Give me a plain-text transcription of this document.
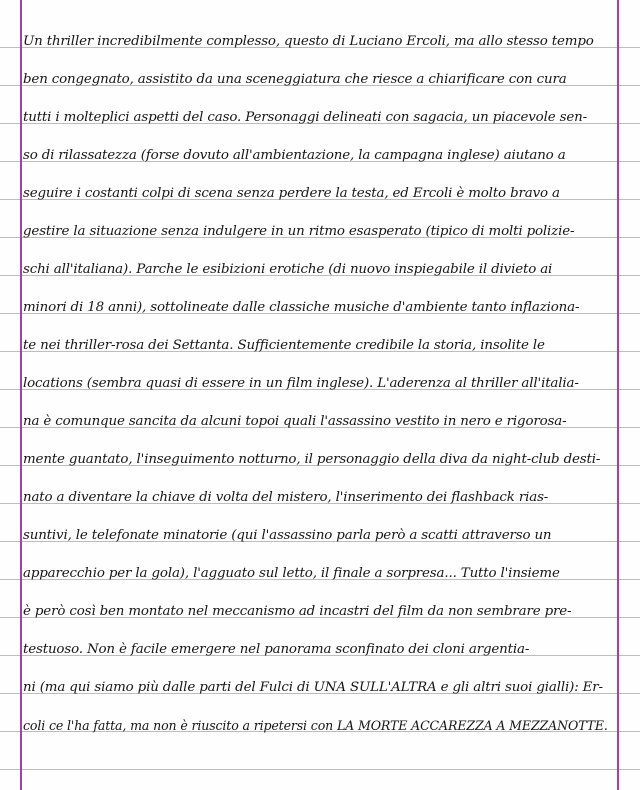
Un thriller incredibilmente complesso, questo di Luciano Ercoli, ma allo stesso tempo
ben congegnato, assistito da una sceneggiatura che riesce a chiarificare con cura
tutti i molteplici aspetti del caso. Personaggi delineati con sagacia, un piacevole sen-
so di rilassatezza (forse dovuto all'ambientazione, la campagna inglese) aiutano a
seguire i costanti colpi di scena senza perdere la testa, ed Ercoli è molto bravo a
gestire la situazione senza indulgere in un ritmo esasperato (tipico di molti polizie-
schi all'italiana). Parche le esibizioni erotiche (di nuovo inspiegabile il divieto ai
minori di 18 anni), sottolineate dalle classiche musiche d'ambiente tanto inflaziona-
te nei thriller-rosa dei Settanta. Sufficientemente credibile la storia, insolite le
locations (sembra quasi di essere in un film inglese). L'aderenza al thriller all'italia-
na è comunque sancita da alcuni topoi quali l'assassino vestito in nero e rigorosa-
mente guantato, l'inseguimento notturno, il personaggio della diva da night-club desti-
nato a diventare la chiave di volta del mistero, l'inserimento dei flashback rias-
suntivi, le telefonate minatorie (qui l'assassino parla però a scatti attraverso un
apparecchio per la gola), l'agguato sul letto, il finale a sorpresa... Tutto l'insieme
è però così ben montato nel meccanismo ad incastri del film da non sembrare pre-
testuoso. Non è facile emergere nel panorama sconfinato dei cloni argentia-
ni (ma qui siamo più dalle parti del Fulci di UNA SULL'ALTRA e gli altri suoi gialli): Er-
coli ce l'ha fatta, ma non è riuscito a ripetersi con LA MORTE ACCAREZZA A MEZZANOTTE.
